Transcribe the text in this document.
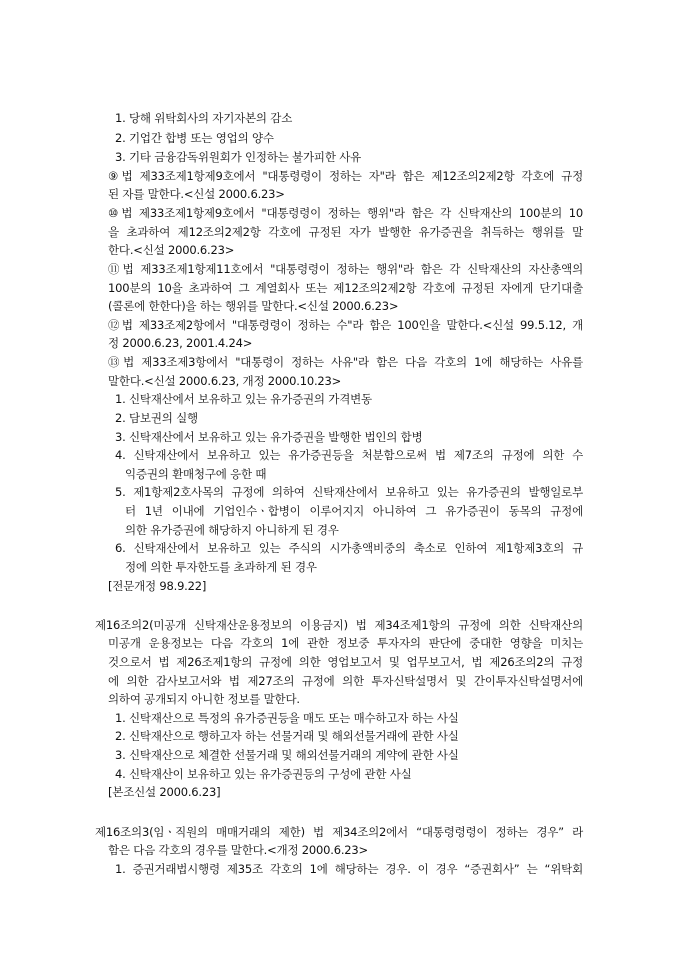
1. 당해 위탁회사의 자기자본의 감소
2. 기업간 합병 또는 영업의 양수
3. 기타 금융감독위원회가 인정하는 불가피한 사유
⑨법 제33조제1항제9호에서 "대통령령이 정하는 자"라 함은 제12조의2제2항 각호에 규정
된 자를 말한다.<신설 2000.6.23>
⑩법 제33조제1항제9호에서 "대통령령이 정하는 행위"라 함은 각 신탁재산의 100분의 10
을 초과하여 제12조의2제2항 각호에 규정된 자가 발행한 유가증권을 취득하는 행위를 말
한다.<신설 2000.6.23>
⑪법 제33조제1항제11호에서 "대통령령이 정하는 행위"라 함은 각 신탁재산의 자산총액의
100분의 10을 초과하여 그 계열회사 또는 제12조의2제2항 각호에 규정된 자에게 단기대출
(콜론에 한한다)을 하는 행위를 말한다.<신설 2000.6.23>
⑫법 제33조제2항에서 "대통령령이 정하는 수"라 함은 100인을 말한다.<신설 99.5.12, 개
정 2000.6.23, 2001.4.24>
⑬법 제33조제3항에서 "대통령이 정하는 사유"라 함은 다음 각호의 1에 해당하는 사유를
말한다.<신설 2000.6.23, 개정 2000.10.23>
1. 신탁재산에서 보유하고 있는 유가증권의 가격변동
2. 담보권의 실행
3. 신탁재산에서 보유하고 있는 유가증권을 발행한 법인의 합병
4. 신탁재산에서 보유하고 있는 유가증권등을 처분함으로써 법 제7조의 규정에 의한 수
익증권의 환매청구에 응한 때
5. 제1항제2호사목의 규정에 의하여 신탁재산에서 보유하고 있는 유가증권의 발행일로부
터 1년 이내에 기업인수ㆍ합병이 이루어지지 아니하여 그 유가증권이 동목의 규정에
의한 유가증권에 해당하지 아니하게 된 경우
6. 신탁재산에서 보유하고 있는 주식의 시가총액비중의 축소로 인하여 제1항제3호의 규
정에 의한 투자한도를 초과하게 된 경우
[전문개정 98.9.22]
제16조의2(미공개 신탁재산운용정보의 이용금지) 법 제34조제1항의 규정에 의한 신탁재산의
미공개 운용정보는 다음 각호의 1에 관한 정보중 투자자의 판단에 중대한 영향을 미치는
것으로서 법 제26조제1항의 규정에 의한 영업보고서 및 업무보고서, 법 제26조의2의 규정
에 의한 감사보고서와 법 제27조의 규정에 의한 투자신탁설명서 및 간이투자신탁설명서에
의하여 공개되지 아니한 정보를 말한다.
1. 신탁재산으로 특정의 유가증권등을 매도 또는 매수하고자 하는 사실
2. 신탁재산으로 행하고자 하는 선물거래 및 해외선물거래에 관한 사실
3. 신탁재산으로 체결한 선물거래 및 해외선물거래의 계약에 관한 사실
4. 신탁재산이 보유하고 있는 유가증권등의 구성에 관한 사실
[본조신설 2000.6.23]
제16조의3(임ㆍ직원의 매매거래의 제한) 법 제34조의2에서 “대통령령령이 정하는 경우” 라
함은 다음 각호의 경우를 말한다.<개정 2000.6.23>
1. 증권거래법시행령 제35조 각호의 1에 해당하는 경우. 이 경우 “증권회사” 는 “위탁회
